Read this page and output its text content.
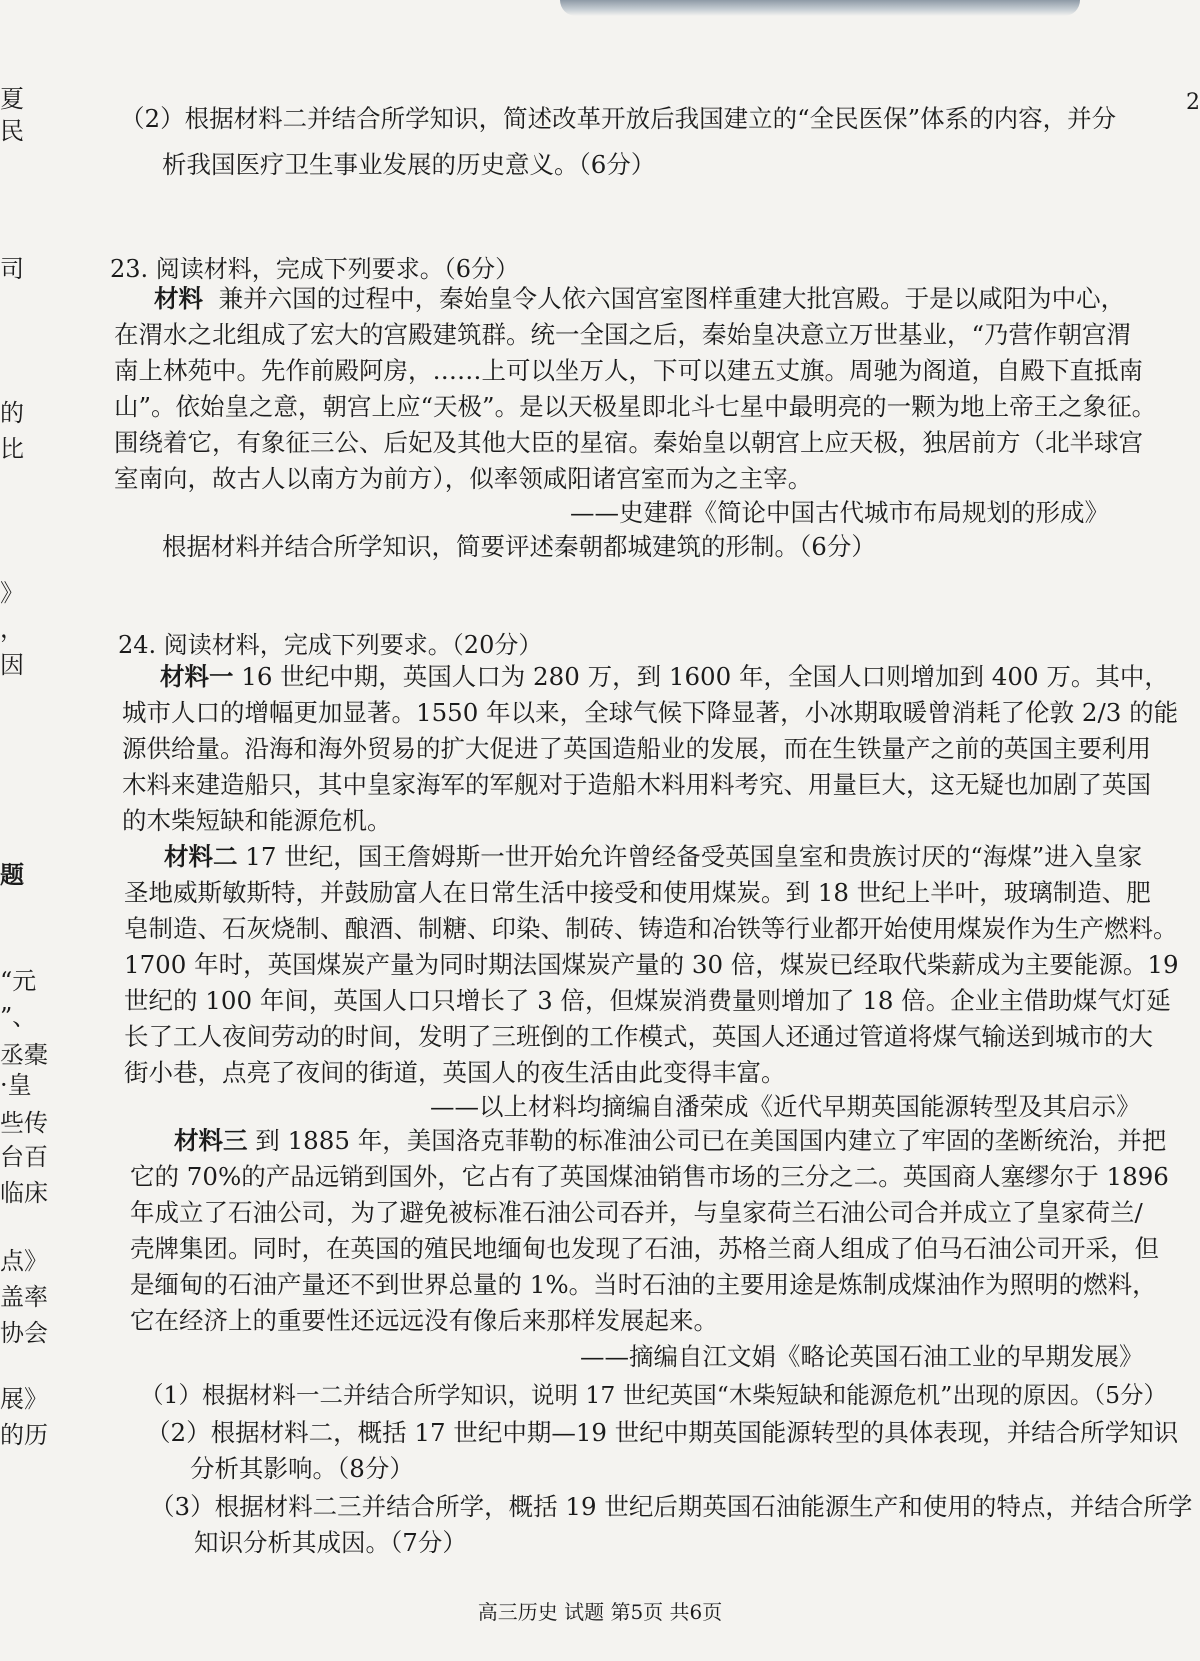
夏
民
司
的
比
》
，
因
题
“元
”、
丞橐
·皇
些传
台百
临床
点》
盖率
协会
展》
的历
2
（2）根据材料二并结合所学知识，简述改革开放后我国建立的“全民医保”体系的内容，并分
析我国医疗卫生事业发展的历史意义。（6分）
23. 阅读材料，完成下列要求。（6分）
材料 兼并六国的过程中，秦始皇令人依六国宫室图样重建大批宫殿。于是以咸阳为中心，
在渭水之北组成了宏大的宫殿建筑群。统一全国之后，秦始皇决意立万世基业，“乃营作朝宫渭
南上林苑中。先作前殿阿房，……上可以坐万人，下可以建五丈旗。周驰为阁道，自殿下直抵南
山”。依始皇之意，朝宫上应“天极”。是以天极星即北斗七星中最明亮的一颗为地上帝王之象征。
围绕着它，有象征三公、后妃及其他大臣的星宿。秦始皇以朝宫上应天极，独居前方（北半球宫
室南向，故古人以南方为前方），似率领咸阳诸宫室而为之主宰。
——史建群《简论中国古代城市布局规划的形成》
根据材料并结合所学知识，简要评述秦朝都城建筑的形制。（6分）
24. 阅读材料，完成下列要求。（20分）
材料一 16 世纪中期，英国人口为 280 万，到 1600 年，全国人口则增加到 400 万。其中，
城市人口的增幅更加显著。1550 年以来，全球气候下降显著，小冰期取暖曾消耗了伦敦 2/3 的能
源供给量。沿海和海外贸易的扩大促进了英国造船业的发展，而在生铁量产之前的英国主要利用
木料来建造船只，其中皇家海军的军舰对于造船木料用料考究、用量巨大，这无疑也加剧了英国
的木柴短缺和能源危机。
材料二 17 世纪，国王詹姆斯一世开始允许曾经备受英国皇室和贵族讨厌的“海煤”进入皇家
圣地威斯敏斯特，并鼓励富人在日常生活中接受和使用煤炭。到 18 世纪上半叶，玻璃制造、肥
皂制造、石灰烧制、酿酒、制糖、印染、制砖、铸造和冶铁等行业都开始使用煤炭作为生产燃料。
1700 年时，英国煤炭产量为同时期法国煤炭产量的 30 倍，煤炭已经取代柴薪成为主要能源。19
世纪的 100 年间，英国人口只增长了 3 倍，但煤炭消费量则增加了 18 倍。企业主借助煤气灯延
长了工人夜间劳动的时间，发明了三班倒的工作模式，英国人还通过管道将煤气输送到城市的大
街小巷，点亮了夜间的街道，英国人的夜生活由此变得丰富。
——以上材料均摘编自潘荣成《近代早期英国能源转型及其启示》
材料三 到 1885 年，美国洛克菲勒的标准油公司已在美国国内建立了牢固的垄断统治，并把
它的 70%的产品远销到国外，它占有了英国煤油销售市场的三分之二。英国商人塞缪尔于 1896
年成立了石油公司，为了避免被标准石油公司吞并，与皇家荷兰石油公司合并成立了皇家荷兰/
壳牌集团。同时，在英国的殖民地缅甸也发现了石油，苏格兰商人组成了伯马石油公司开采，但
是缅甸的石油产量还不到世界总量的 1%。当时石油的主要用途是炼制成煤油作为照明的燃料，
它在经济上的重要性还远远没有像后来那样发展起来。
——摘编自江文娟《略论英国石油工业的早期发展》
（1）根据材料一二并结合所学知识，说明 17 世纪英国“木柴短缺和能源危机”出现的原因。（5分）
（2）根据材料二，概括 17 世纪中期—19 世纪中期英国能源转型的具体表现，并结合所学知识
分析其影响。（8分）
（3）根据材料二三并结合所学，概括 19 世纪后期英国石油能源生产和使用的特点，并结合所学
知识分析其成因。（7分）
高三历史 试题 第5页 共6页
